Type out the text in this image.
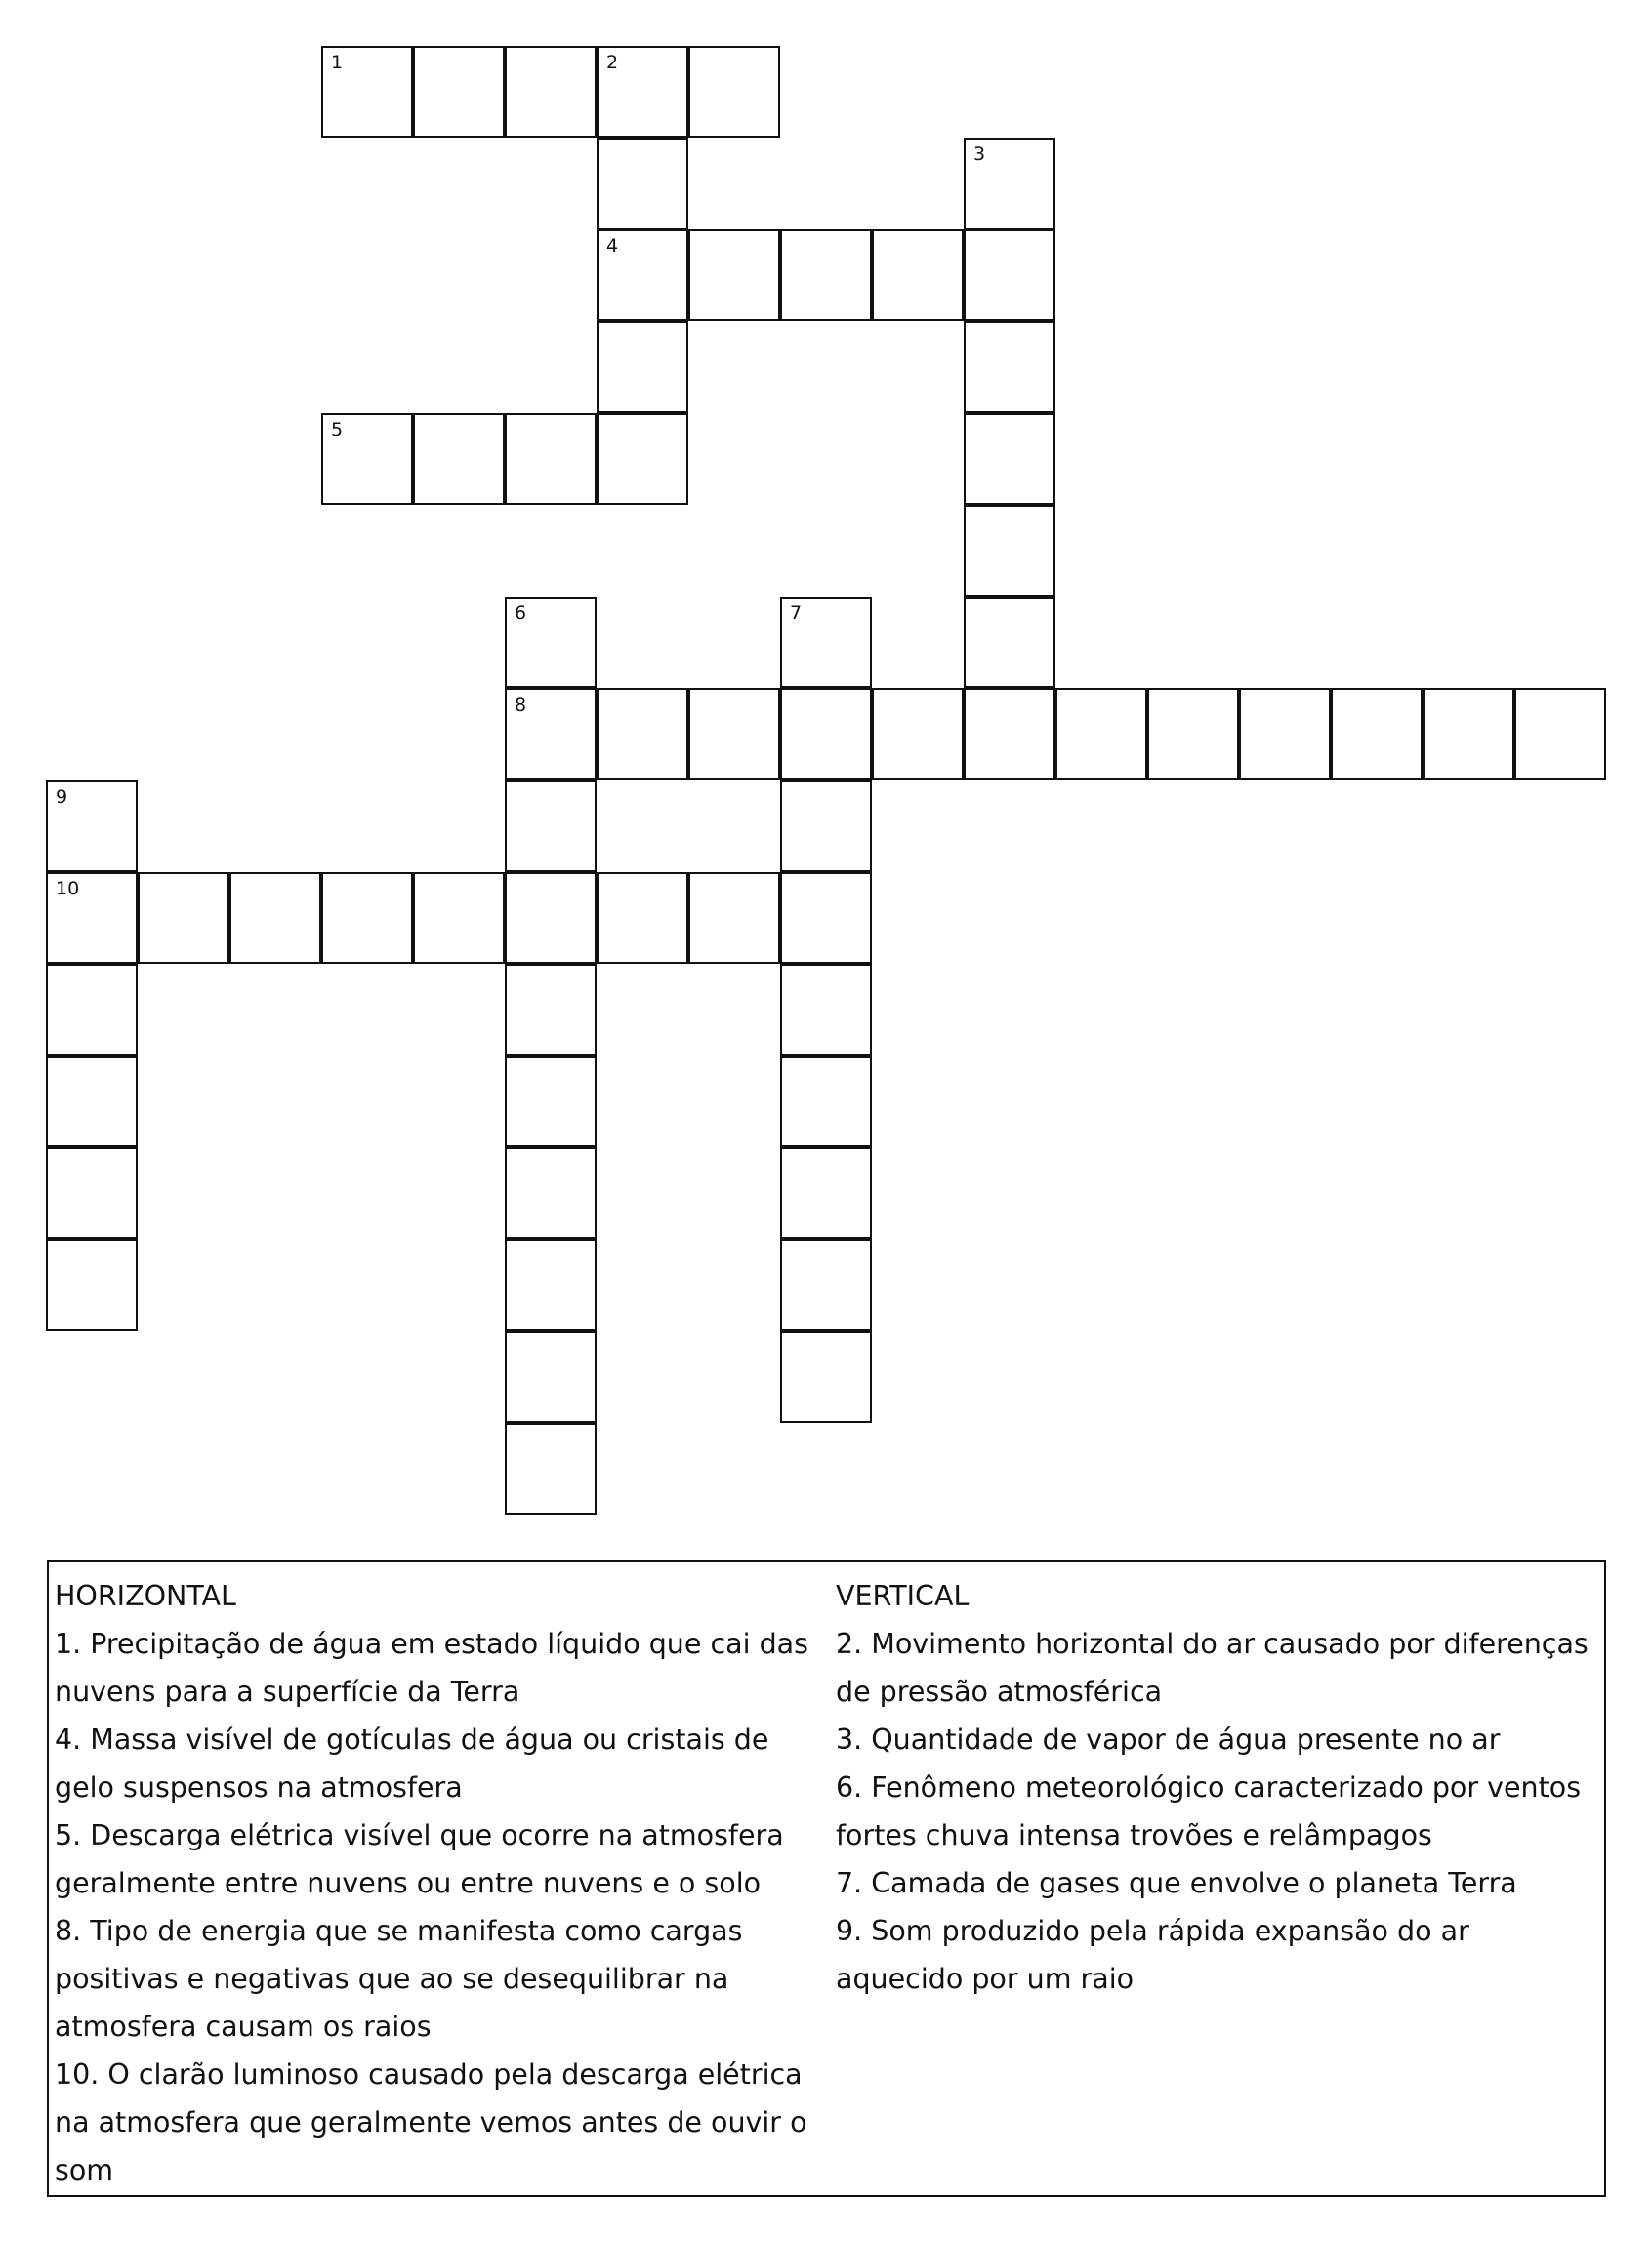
1	2
3
4
5
6	7
8
9
10
HORIZONTAL
1. Precipitação de água em estado líquido que cai das nuvens para a superfície da Terra
4. Massa visível de gotículas de água ou cristais de gelo suspensos na atmosfera
5. Descarga elétrica visível que ocorre na atmosfera geralmente entre nuvens ou entre nuvens e o solo
8. Tipo de energia que se manifesta como cargas positivas e negativas que ao se desequilibrar na atmosfera causam os raios
10. O clarão luminoso causado pela descarga elétrica na atmosfera que geralmente vemos antes de ouvir o som
VERTICAL
2. Movimento horizontal do ar causado por diferenças de pressão atmosférica
3. Quantidade de vapor de água presente no ar
6. Fenômeno meteorológico caracterizado por ventos fortes chuva intensa trovões e relâmpagos
7. Camada de gases que envolve o planeta Terra
9. Som produzido pela rápida expansão do ar aquecido por um raio
